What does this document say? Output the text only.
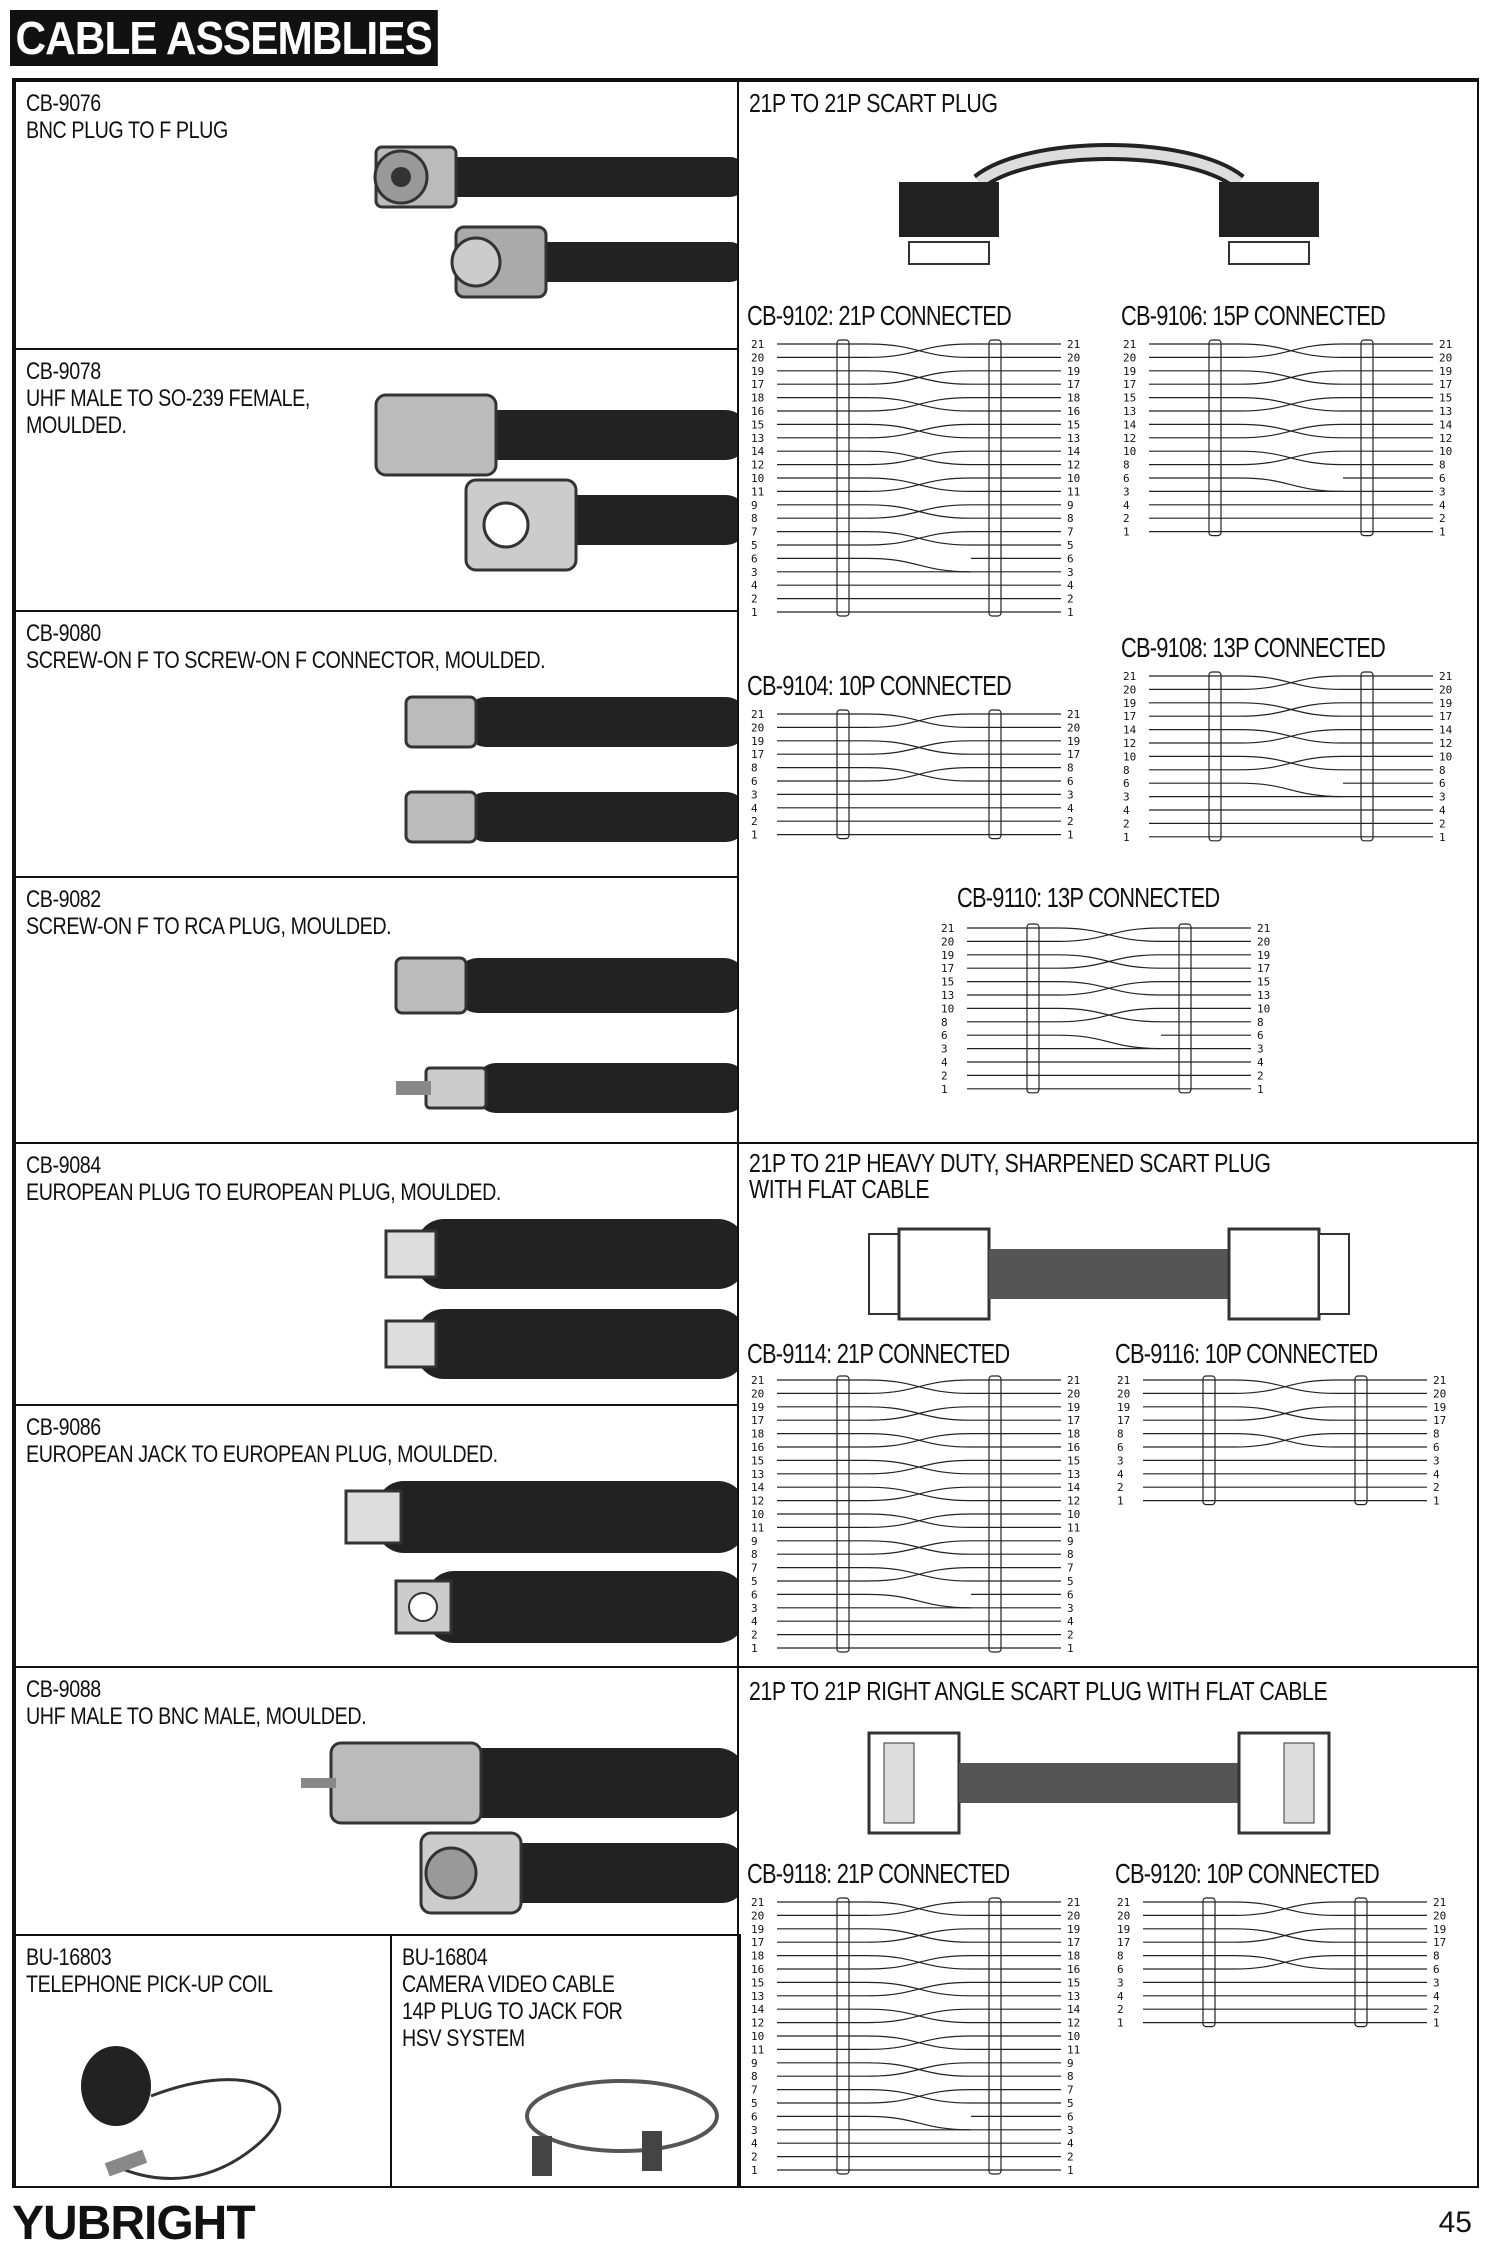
CABLE ASSEMBLIES
CB-9076
BNC PLUG TO F PLUG
CB-9078
UHF MALE TO SO-239 FEMALE,
MOULDED.
CB-9080
SCREW-ON F TO SCREW-ON F CONNECTOR, MOULDED.
CB-9082
SCREW-ON F TO RCA PLUG, MOULDED.
CB-9084
EUROPEAN PLUG TO EUROPEAN PLUG, MOULDED.
CB-9086
EUROPEAN JACK TO EUROPEAN PLUG, MOULDED.
CB-9088
UHF MALE TO BNC MALE, MOULDED.
BU-16803
TELEPHONE PICK-UP COIL
BU-16804
CAMERA VIDEO CABLE
14P PLUG TO JACK FOR
HSV SYSTEM
21P TO 21P SCART PLUG
CB-9102: 21P CONNECTED	CB-9106: 15P CONNECTED
CB-9104: 10P CONNECTED
CB-9108: 13P CONNECTED
CB-9110: 13P CONNECTED
21	21
20	20
19	19
17	17
18	18
16	16
15	15
13	13
14	14
12	12
10	10
11	11
9	9
8	8
7	7
5	5
6	6
3	3
4	4
2	2
1	1
21	21
20	20
19	19
17	17
15	15
13	13
14	14
12	12
10	10
8	8
6	6
3	3
4	4
2	2
1	1
21	21
20	20
19	19
17	17
8	8
6	6
3	3
4	4
2	2
1	1
21	21
20	20
19	19
17	17
14	14
12	12
10	10
8	8
6	6
3	3
4	4
2	2
1	1
21	21
20	20
19	19
17	17
15	15
13	13
10	10
8	8
6	6
3	3
4	4
2	2
1	1
21P TO 21P HEAVY DUTY, SHARPENED SCART PLUG
WITH FLAT CABLE
CB-9114: 21P CONNECTED	CB-9116: 10P CONNECTED
21	21
20	20
19	19
17	17
18	18
16	16
15	15
13	13
14	14
12	12
10	10
11	11
9	9
8	8
7	7
5	5
6	6
3	3
4	4
2	2
1	1
21	21
20	20
19	19
17	17
8	8
6	6
3	3
4	4
2	2
1	1
21P TO 21P RIGHT ANGLE SCART PLUG WITH FLAT CABLE
CB-9118: 21P CONNECTED	CB-9120: 10P CONNECTED
21	21
20	20
19	19
17	17
18	18
16	16
15	15
13	13
14	14
12	12
10	10
11	11
9	9
8	8
7	7
5	5
6	6
3	3
4	4
2	2
1	1
21	21
20	20
19	19
17	17
8	8
6	6
3	3
4	4
2	2
1	1
YUBRIGHT	45
